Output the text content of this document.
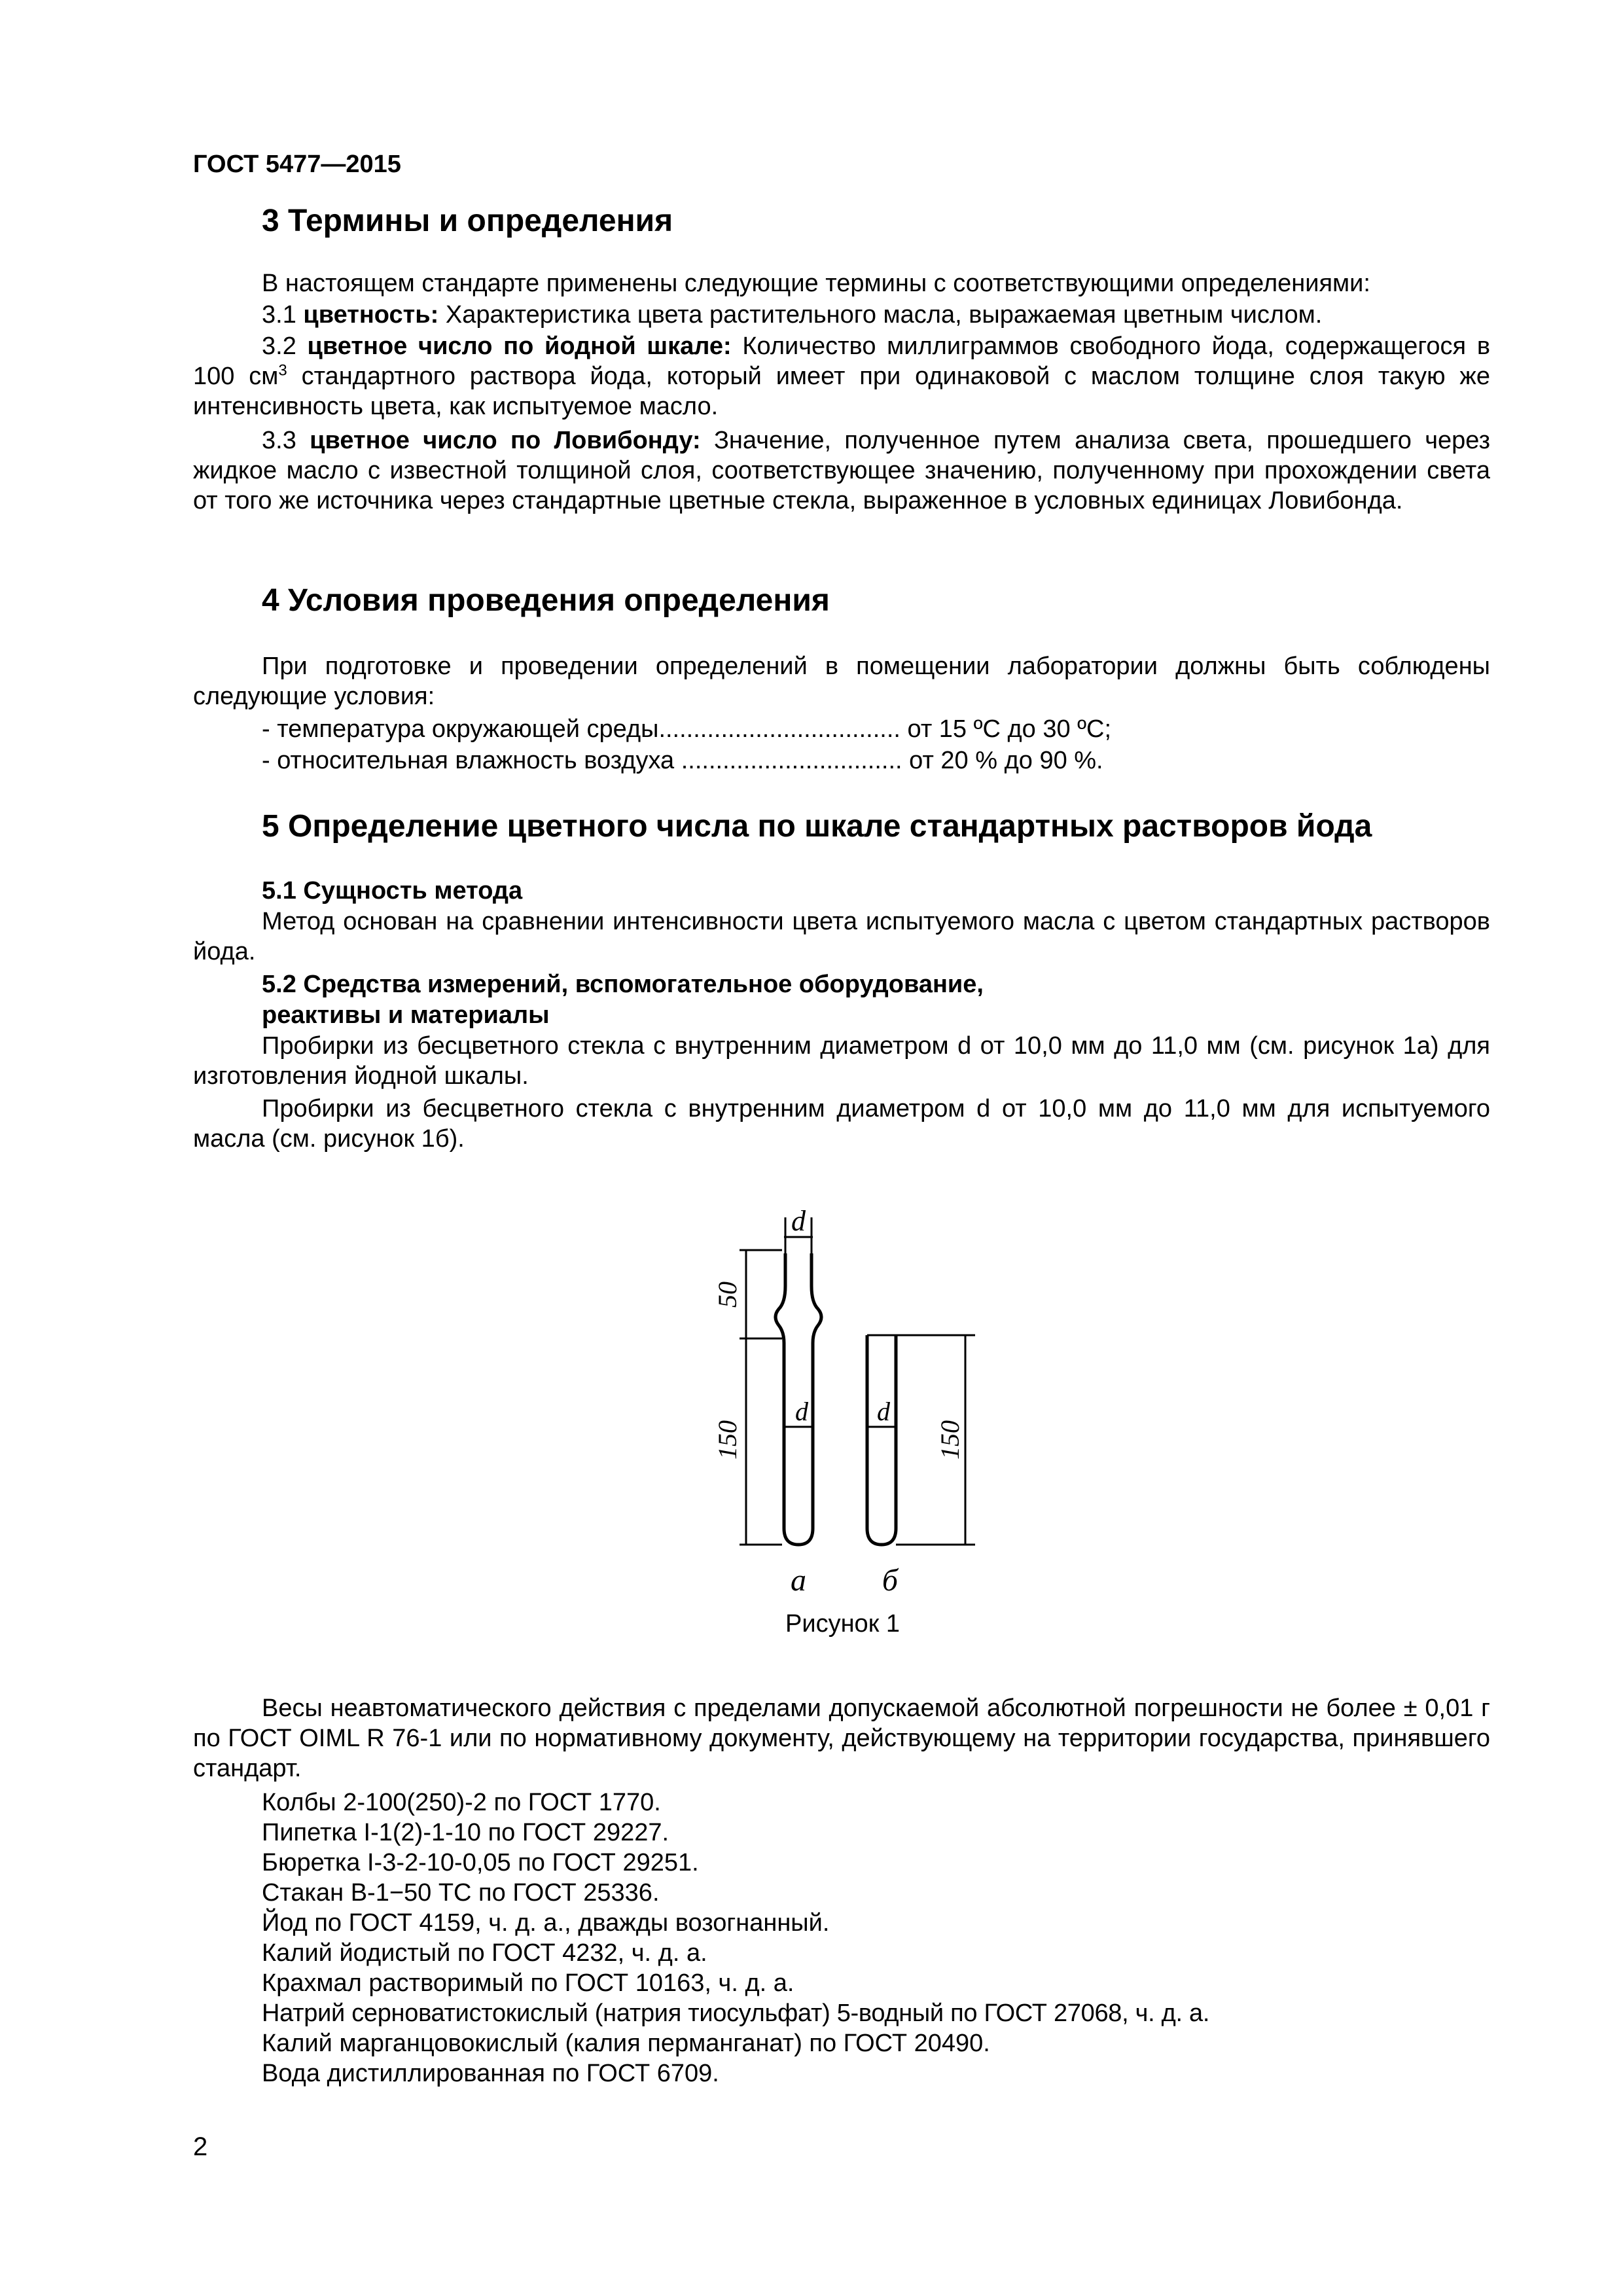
ГОСТ 5477—2015
3 Термины и определения

В настоящем стандарте применены следующие термины с соответствующими определениями:

3.1 цветность: Характеристика цвета растительного масла, выражаемая цветным числом.

3.2 цветное число по йодной шкале: Количество миллиграммов свободного йода, содержащегося в 100 $см^3$ стандартного раствора йода, который имеет при одинаковой с маслом толщине слоя такую же интенсивность цвета, как испытуемое масло.

3.3 цветное число по Ловибонду: Значение, полученное путем анализа света, прошедшего через жидкое масло с известной толщиной слоя, соответствующее значению, полученному при прохождении света от того же источника через стандартные цветные стекла, выраженное в условных единицах Ловибонда.

4 Условия проведения определения

При подготовке и проведении определений в помещении лаборатории должны быть соблюдены следующие условия:

- температура окружающей среды................................... от 15 ºС до 30 ºС;
- относительная влажность воздуха ................................ от 20 % до 90 %.
5 Определение цветного числа по шкале стандартных растворов йода
5.1 Сущность метода

Метод основан на сравнении интенсивности цвета испытуемого масла с цветом стандартных растворов йода.

5.2 Средства измерений, вспомогательное оборудование,
реактивы и материалы

Пробирки из бесцветного стекла с внутренним диаметром d от 10,0 мм до 11,0 мм (см. рисунок 1а) для изготовления йодной шкалы.

Пробирки из бесцветного стекла с внутренним диаметром d от 10,0 мм до 11,0 мм для испытуемого масла (см. рисунок 1б).

d
d	d
50
150	150
а б
Рисунок 1

Весы неавтоматического действия с пределами допускаемой абсолютной погрешности не более ± 0,01 г по ГОСТ OIML R 76-1 или по нормативному документу, действующему на территории государства, принявшего стандарт.

Колбы 2-100(250)-2 по ГОСТ 1770.
Пипетка I-1(2)-1-10 по ГОСТ 29227.
Бюретка I-3-2-10-0,05 по ГОСТ 29251.
Стакан В-1−50 ТС по ГОСТ 25336.
Йод по ГОСТ 4159, ч. д. а., дважды возогнанный.
Калий йодистый по ГОСТ 4232, ч. д. а.
Крахмал растворимый по ГОСТ 10163, ч. д. а.
Натрий серноватистокислый (натрия тиосульфат) 5-водный по ГОСТ 27068, ч. д. а.
Калий марганцовокислый (калия перманганат) по ГОСТ 20490.
Вода дистиллированная по ГОСТ 6709.
2
